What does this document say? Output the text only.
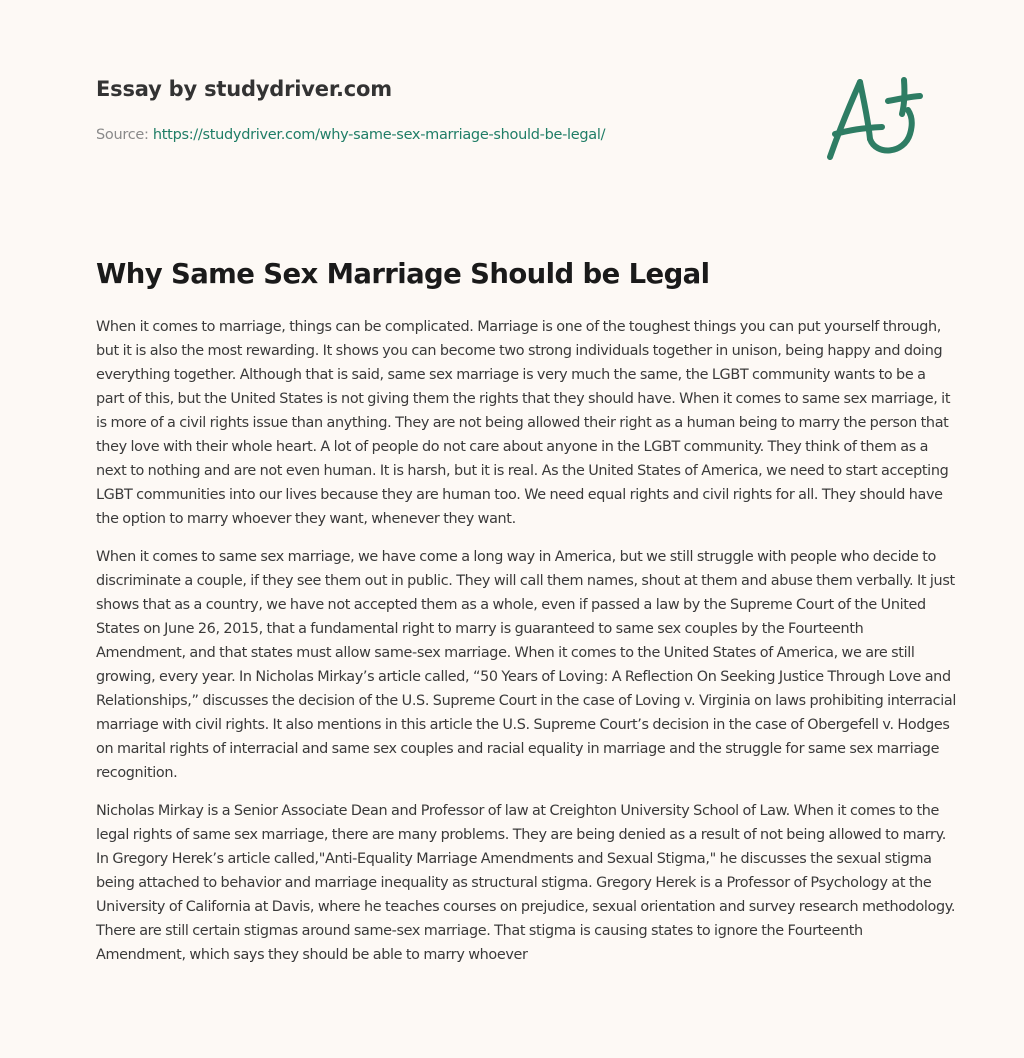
Essay by studydriver.com
Source: https://studydriver.com/why-same-sex-marriage-should-be-legal/
Why Same Sex Marriage Should be Legal

When it comes to marriage, things can be complicated. Marriage is one of the toughest things you can put yourself through, but it is also the most rewarding. It shows you can become two strong individuals together in unison, being happy and doing everything together. Although that is said, same sex marriage is very much the same, the LGBT community wants to be a part of this, but the United States is not giving them the rights that they should have. When it comes to same sex marriage, it is more of a civil rights issue than anything. They are not being allowed their right as a human being to marry the person that they love with their whole heart. A lot of people do not care about anyone in the LGBT community. They think of them as a next to nothing and are not even human. It is harsh, but it is real. As the United States of America, we need to start accepting LGBT communities into our lives because they are human too. We need equal rights and civil rights for all. They should have the option to marry whoever they want, whenever they want.

When it comes to same sex marriage, we have come a long way in America, but we still struggle with people who decide to discriminate a couple, if they see them out in public. They will call them names, shout at them and abuse them verbally. It just shows that as a country, we have not accepted them as a whole, even if passed a law by the Supreme Court of the United States on June 26, 2015, that a fundamental right to marry is guaranteed to same sex couples by the Fourteenth Amendment, and that states must allow same-sex marriage. When it comes to the United States of America, we are still growing, every year. In Nicholas Mirkay’s article called, “50 Years of Loving: A Reflection On Seeking Justice Through Love and Relationships,” discusses the decision of the U.S. Supreme Court in the case of Loving v. Virginia on laws prohibiting interracial marriage with civil rights. It also mentions in this article the U.S. Supreme Court’s decision in the case of Obergefell v. Hodges on marital rights of interracial and same sex couples and racial equality in marriage and the struggle for same sex marriage recognition.

Nicholas Mirkay is a Senior Associate Dean and Professor of law at Creighton University School of Law. When it comes to the legal rights of same sex marriage, there are many problems. They are being denied as a result of not being allowed to marry. In Gregory Herek’s article called,"Anti-Equality Marriage Amendments and Sexual Stigma," he discusses the sexual stigma being attached to behavior and marriage inequality as structural stigma. Gregory Herek is a Professor of Psychology at the University of California at Davis, where he teaches courses on prejudice, sexual orientation and survey research methodology. There are still certain stigmas around same-sex marriage. That stigma is causing states to ignore the Fourteenth Amendment, which says they should be able to marry whoever
